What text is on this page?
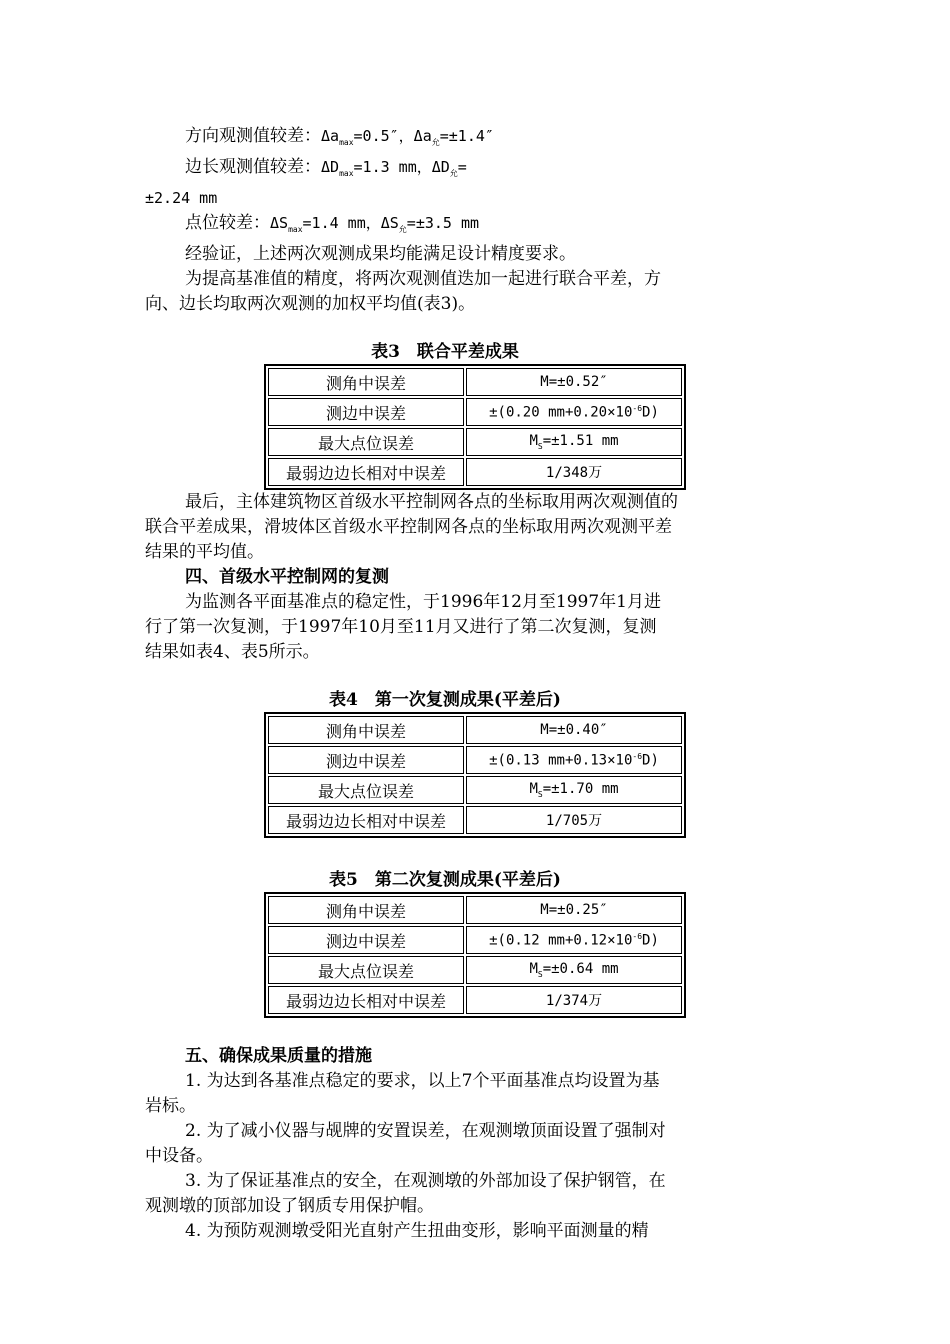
方向观测值较差：$\Delta a_{max}=0.5''$，$\Delta a_允=\pm 1.4''$

边长观测值较差：$\Delta D_{max}=1.3$ mm，$\Delta D_允=$

±2.24 mm

点位较差：$\Delta S_{max}=1.4$ mm，$\Delta S_允=\pm 3.5$ mm

经验证，上述两次观测成果均能满足设计精度要求。

为提高基准值的精度，将两次观测值迭加一起进行联合平差，方

向、边长均取两次观测的加权平均值(表3)。

表3　联合平差成果

测角中误差	M=±0.52″
测边中误差	±(0.20 $mm+0.20\times 10^{-6}D$)
最大点位误差	$M_S=\pm 1.51$ mm
最弱边边长相对中误差	1/348万

最后，主体建筑物区首级水平控制网各点的坐标取用两次观测值的

联合平差成果，滑坡体区首级水平控制网各点的坐标取用两次观测平差

结果的平均值。

四、首级水平控制网的复测

为监测各平面基准点的稳定性，于1996年12月至1997年1月进

行了第一次复测，于1997年10月至11月又进行了第二次复测，复测

结果如表4、表5所示。

表4　第一次复测成果(平差后)

测角中误差	M=±0.40″
测边中误差	±(0.13 $mm+0.13\times 10^{-6}D$)
最大点位误差	$M_S=\pm 1.70$ mm
最弱边边长相对中误差	1/705万

表5　第二次复测成果(平差后)

测角中误差	M=±0.25″
测边中误差	±(0.12 $mm+0.12\times 10^{-6}D$)
最大点位误差	$M_S=\pm 0.64$ mm
最弱边边长相对中误差	1/374万

五、确保成果质量的措施

1. 为达到各基准点稳定的要求，以上7个平面基准点均设置为基

岩标。

2. 为了减小仪器与觇牌的安置误差，在观测墩顶面设置了强制对

中设备。

3. 为了保证基准点的安全，在观测墩的外部加设了保护钢管，在

观测墩的顶部加设了钢质专用保护帽。

4. 为预防观测墩受阳光直射产生扭曲变形，影响平面测量的精
